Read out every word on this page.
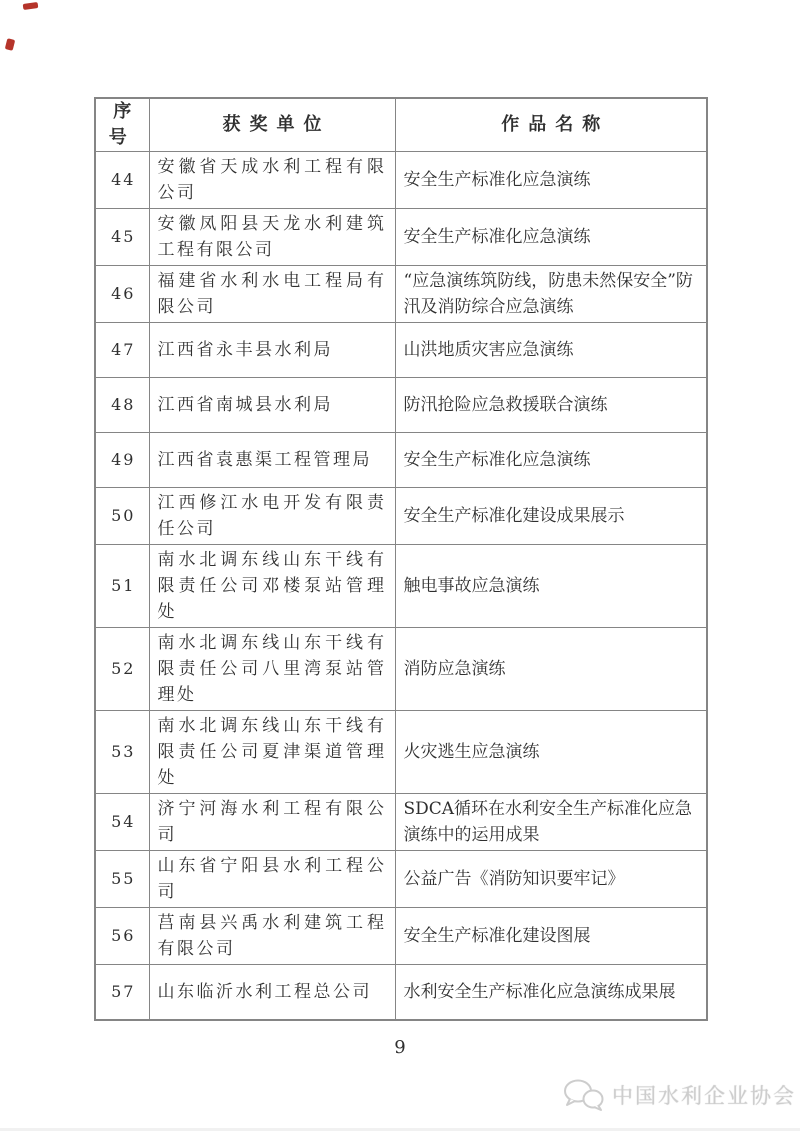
序号	获奖单位	作品名称
44	安徽省天成水利工程有限公司	安全生产标准化应急演练
45	安徽凤阳县天龙水利建筑工程有限公司	安全生产标准化应急演练
46	福建省水利水电工程局有限公司	“应急演练筑防线，防患未然保安全”防汛及消防综合应急演练
47	江西省永丰县水利局	山洪地质灾害应急演练
48	江西省南城县水利局	防汛抢险应急救援联合演练
49	江西省袁惠渠工程管理局	安全生产标准化应急演练
50	江西修江水电开发有限责任公司	安全生产标准化建设成果展示
51	南水北调东线山东干线有限责任公司邓楼泵站管理处	触电事故应急演练
52	南水北调东线山东干线有限责任公司八里湾泵站管理处	消防应急演练
53	南水北调东线山东干线有限责任公司夏津渠道管理处	火灾逃生应急演练
54	济宁河海水利工程有限公司	SDCA循环在水利安全生产标准化应急演练中的运用成果
55	山东省宁阳县水利工程公司	公益广告《消防知识要牢记》
56	莒南县兴禹水利建筑工程有限公司	安全生产标准化建设图展
57	山东临沂水利工程总公司	水利安全生产标准化应急演练成果展
9
中国水利企业协会
